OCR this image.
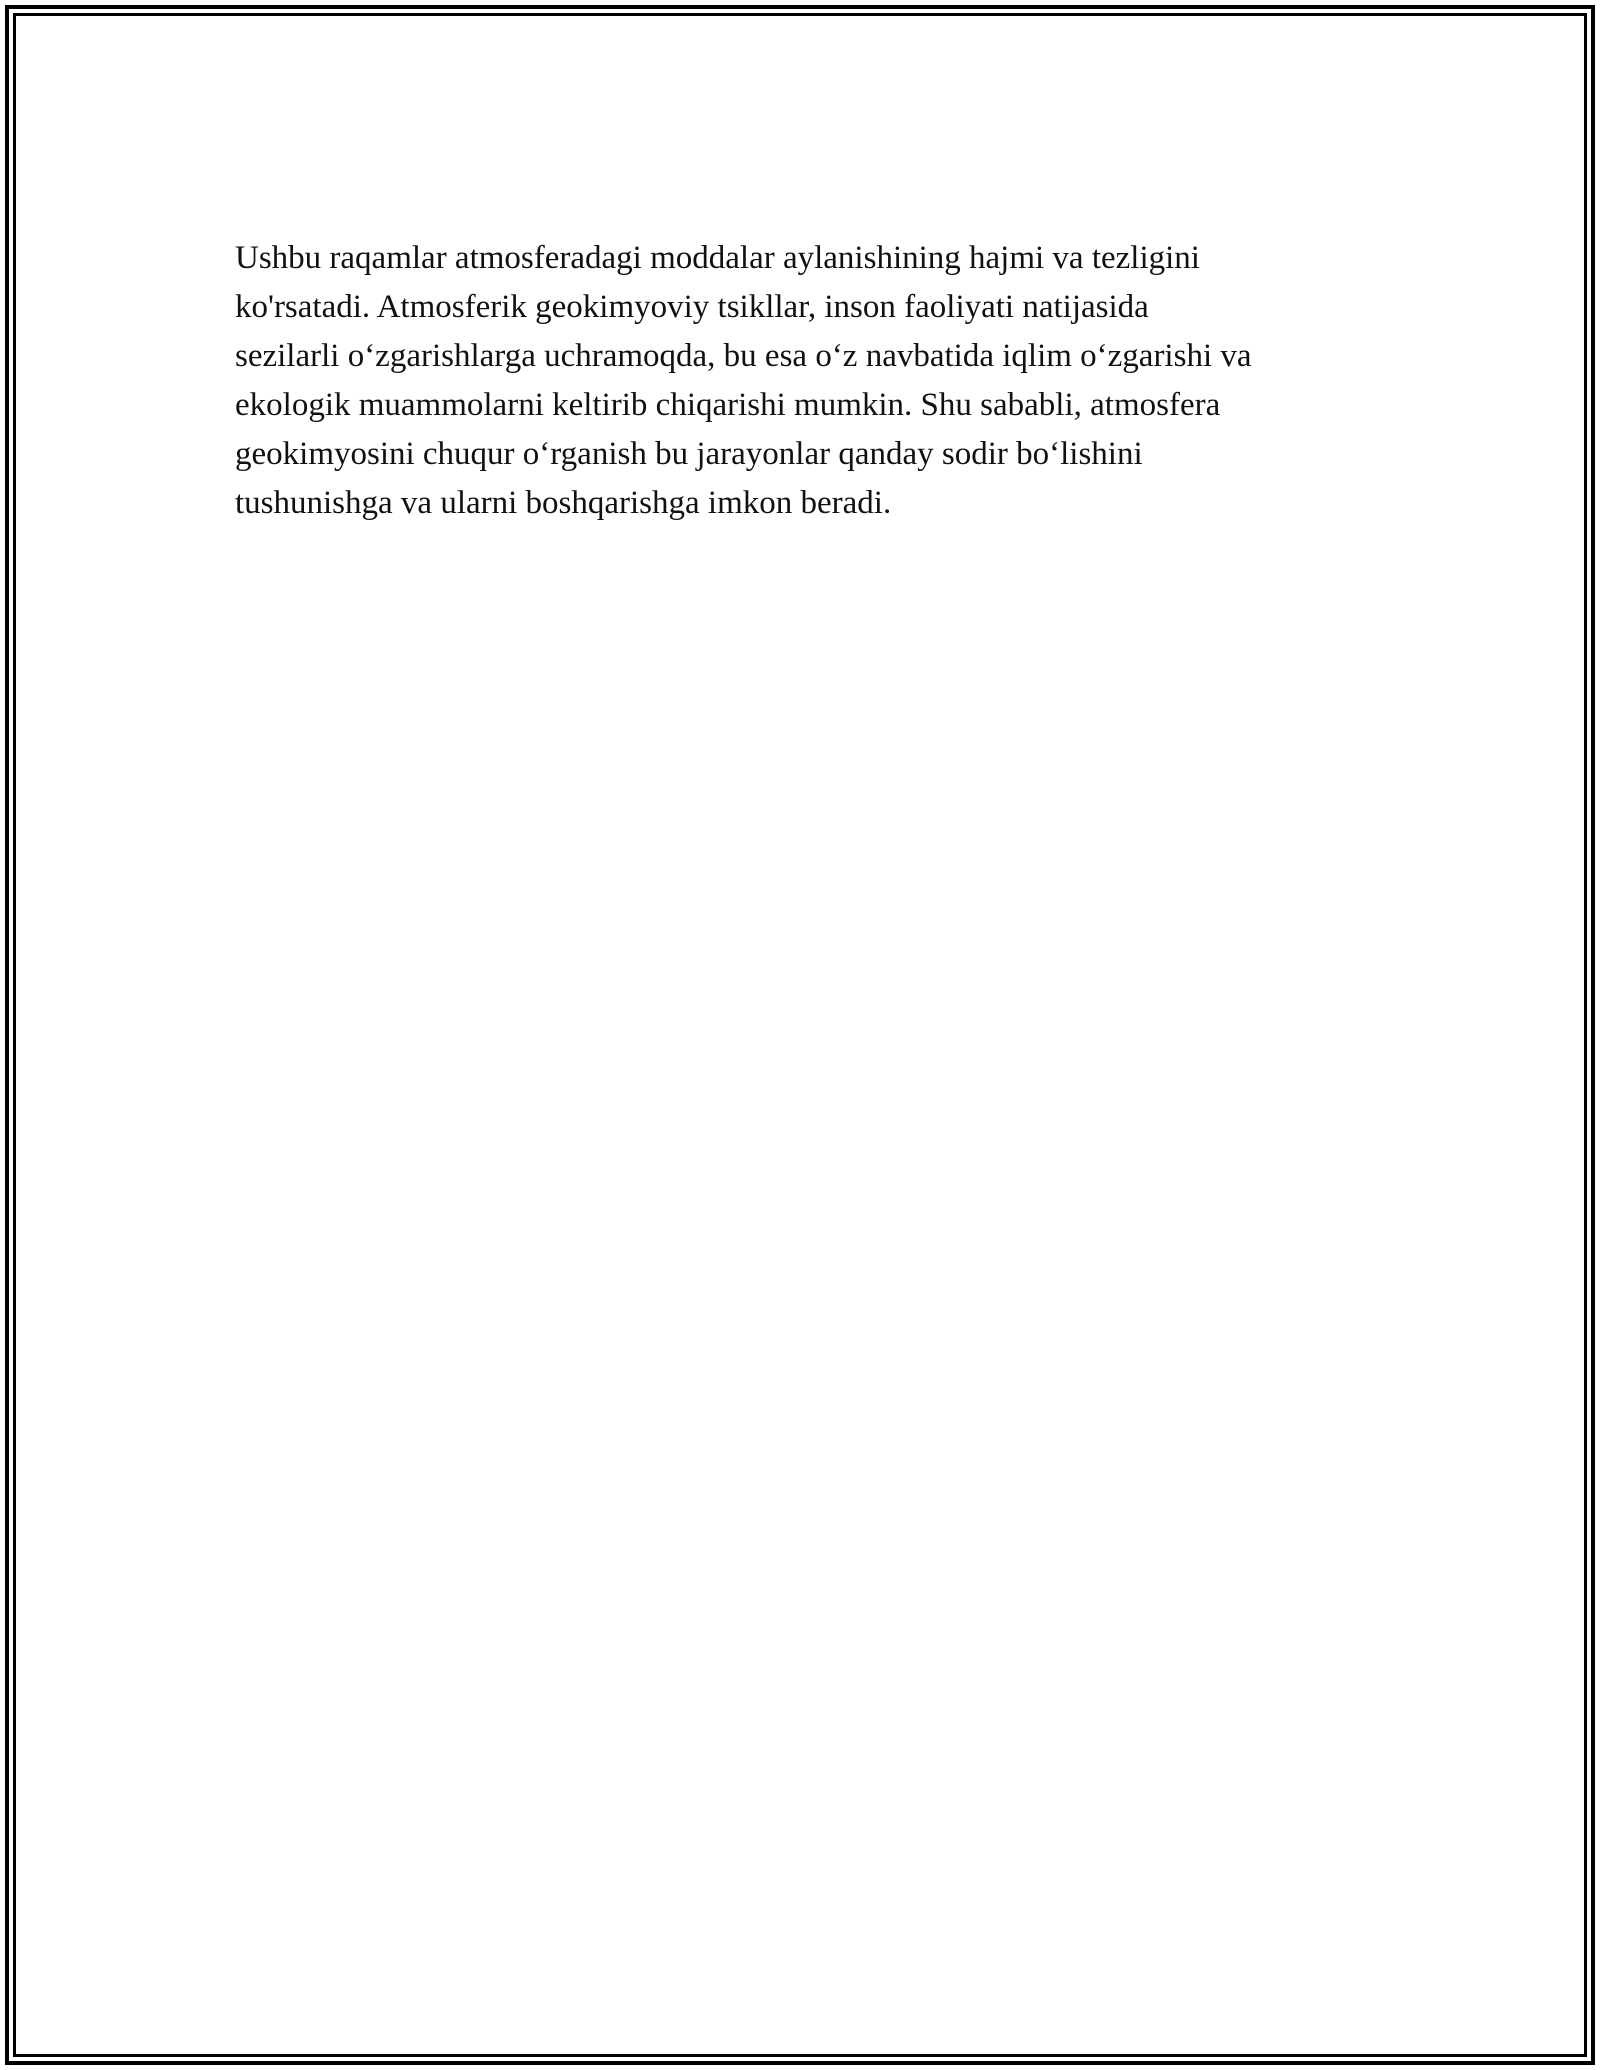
Ushbu raqamlar atmosferadagi moddalar aylanishining hajmi va tezligini
ko'rsatadi. Atmosferik geokimyoviy tsikllar, inson faoliyati natijasida
sezilarli o‘zgarishlarga uchramoqda, bu esa o‘z navbatida iqlim o‘zgarishi va
ekologik muammolarni keltirib chiqarishi mumkin. Shu sababli, atmosfera
geokimyosini chuqur o‘rganish bu jarayonlar qanday sodir bo‘lishini
tushunishga va ularni boshqarishga imkon beradi.
